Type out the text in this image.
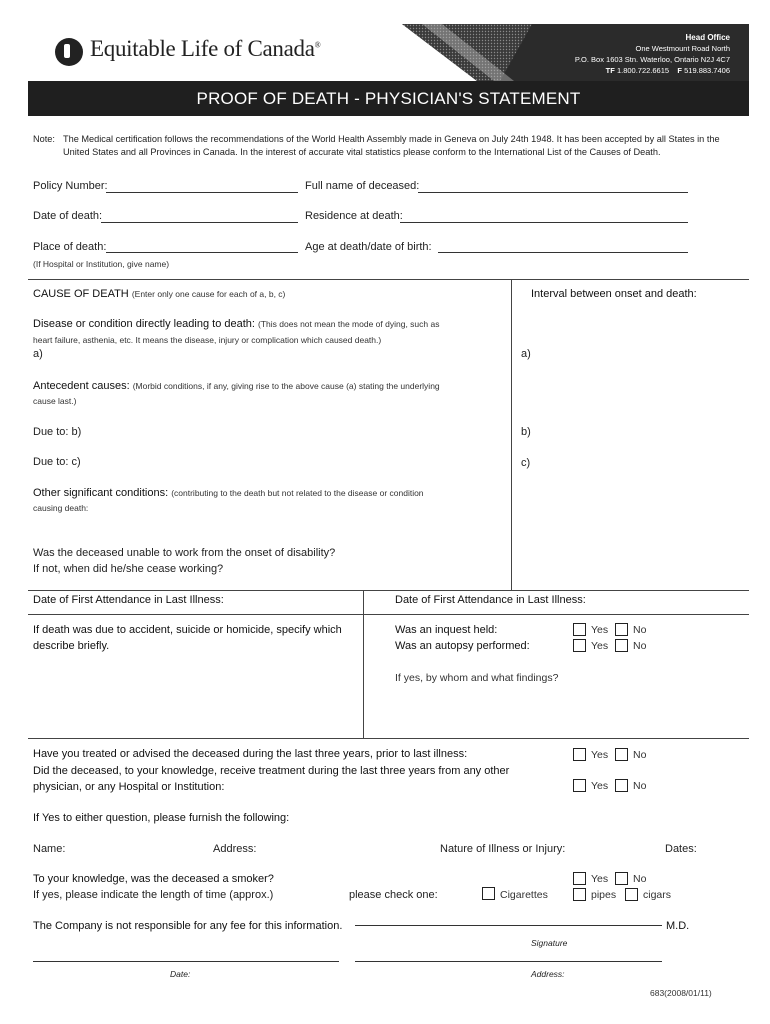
Equitable Life of Canada®
Head Office
One Westmount Road North
P.O. Box 1603 Stn. Waterloo, Ontario N2J 4C7
TF 1.800.722.6615 F 519.883.7406
PROOF OF DEATH - PHYSICIAN'S STATEMENT
Note: The Medical certification follows the recommendations of the World Health Assembly made in Geneva on July 24th 1948. It has been accepted by all States in the United States and all Provinces in Canada. In the interest of accurate vital statistics please conform to the International List of the Causes of Death.
Policy Number:	Full name of deceased:
Date of death:	Residence at death:
Place of death:	Age at death/date of birth:
(If Hospital or Institution, give name)
CAUSE OF DEATH (Enter only one cause for each of a, b, c)	Interval between onset and death:
Disease or condition directly leading to death: (This does not mean the mode of dying, such as
heart failure, asthenia, etc. It means the disease, injury or complication which caused death.)
a)	a)
Antecedent causes: (Morbid conditions, if any, giving rise to the above cause (a) stating the underlying
cause last.)
Due to: b)	b)
Due to: c)	c)
Other significant conditions: (contributing to the death but not related to the disease or condition
causing death:
Was the deceased unable to work from the onset of disability?
If not, when did he/she cease working?
Date of First Attendance in Last Illness:	Date of First Attendance in Last Illness:
If death was due to accident, suicide or homicide, specify which
describe briefly.
Was an inquest held:	Yes No
Was an autopsy performed:	Yes No
If yes, by whom and what findings?
Have you treated or advised the deceased during the last three years, prior to last illness:	Yes No
Did the deceased, to your knowledge, receive treatment during the last three years from any other
physician, or any Hospital or Institution:	Yes No
If Yes to either question, please furnish the following:
Name:	Address:	Nature of Illness or Injury:	Dates:
To your knowledge, was the deceased a smoker?	Yes No
If yes, please indicate the length of time (approx.)	please check one:	Cigarettes	pipes	cigars
The Company is not responsible for any fee for this information.	M.D.
Signature
Date:	Address:
683(2008/01/11)
